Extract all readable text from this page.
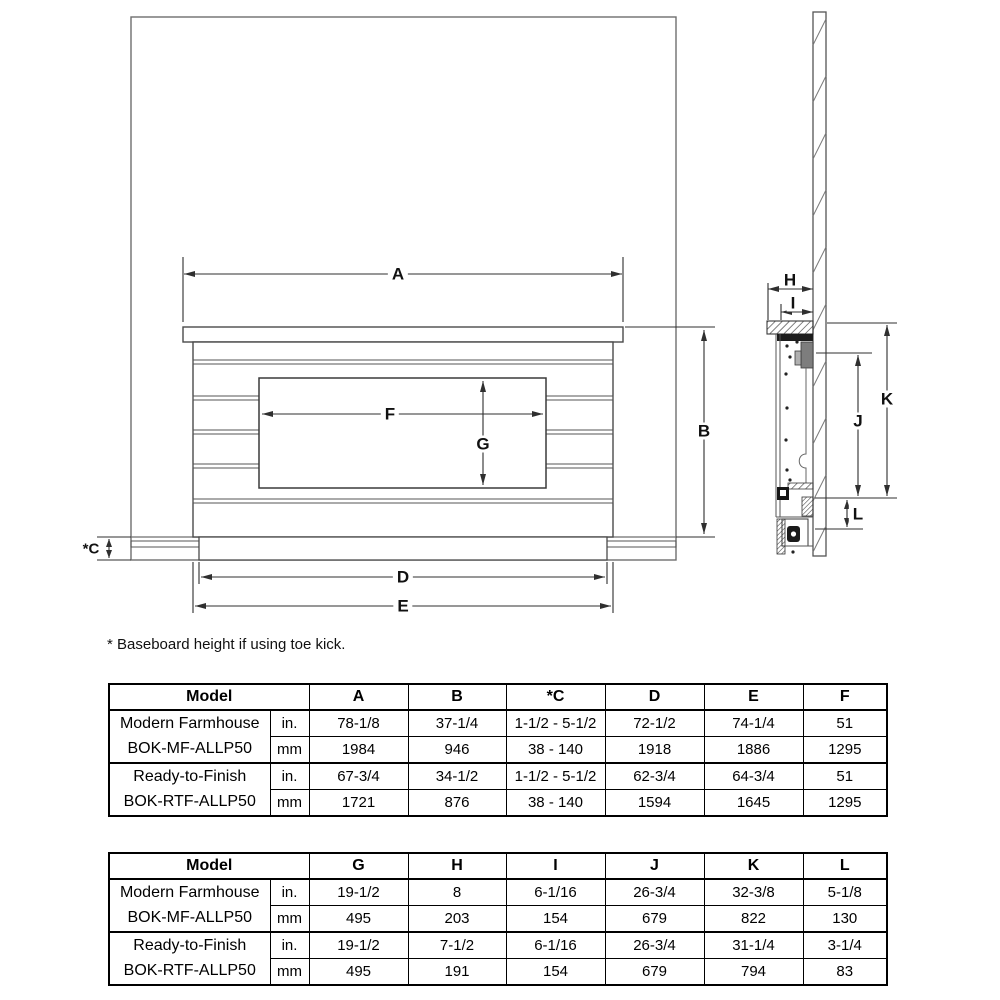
A
B
*C
D
E
F
G
H
I
J
K
L
* Baseboard height if using toe kick.
Model		A	B	*C	D	E	F

Modern Farmhouse
BOK-MF-ALLP50	in.	78-1/8	37-1/4	1-1/2 - 5-1/2	72-1/2	74-1/4	51
	mm	1984	946	38 - 140	1918	1886	1295

Ready-to-Finish
BOK-RTF-ALLP50	in.	67-3/4	34-1/2	1-1/2 - 5-1/2	62-3/4	64-3/4	51
	mm	1721	876	38 - 140	1594	1645	1295
Model		G	H	I	J	K	L

Modern Farmhouse
BOK-MF-ALLP50	in.	19-1/2	8	6-1/16	26-3/4	32-3/8	5-1/8
	mm	495	203	154	679	822	130

Ready-to-Finish
BOK-RTF-ALLP50	in.	19-1/2	7-1/2	6-1/16	26-3/4	31-1/4	3-1/4
	mm	495	191	154	679	794	83
